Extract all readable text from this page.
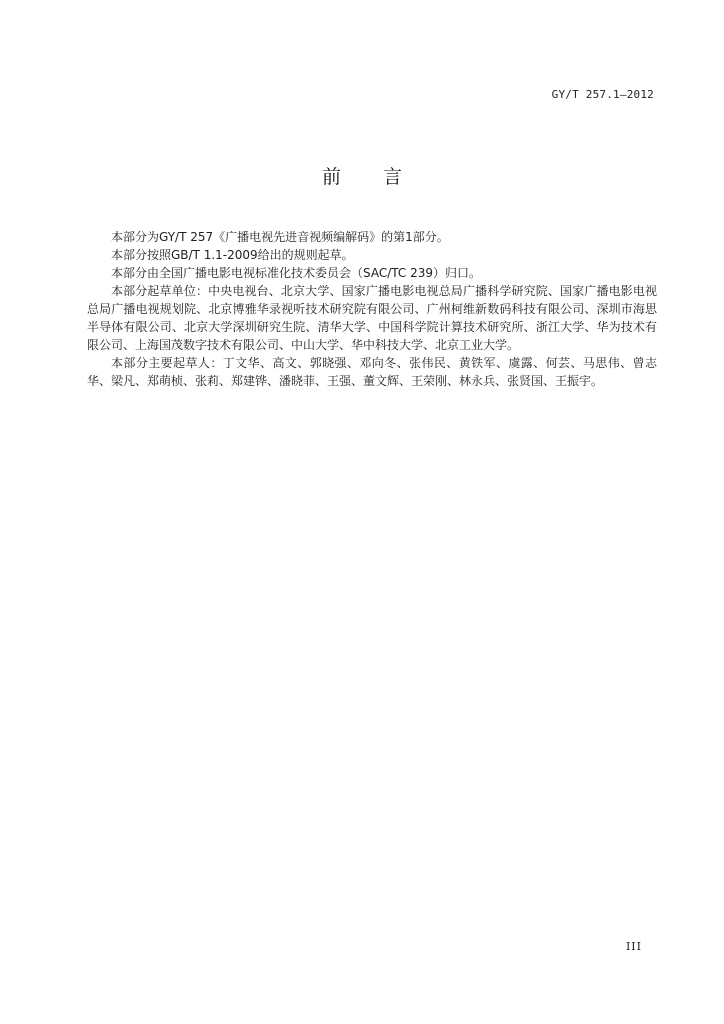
GY/T 257.1—2012
前 言

本部分为GY/T 257《广播电视先进音视频编解码》的第1部分。

本部分按照GB/T 1.1-2009给出的规则起草。

本部分由全国广播电影电视标准化技术委员会（SAC/TC 239）归口。

本部分起草单位：中央电视台、北京大学、国家广播电影电视总局广播科学研究院、国家广播电影电视总局广播电视规划院、北京博雅华录视听技术研究院有限公司、广州柯维新数码科技有限公司、深圳市海思半导体有限公司、北京大学深圳研究生院、清华大学、中国科学院计算技术研究所、浙江大学、华为技术有限公司、上海国茂数字技术有限公司、中山大学、华中科技大学、北京工业大学。

本部分主要起草人：丁文华、高文、郭晓强、邓向冬、张伟民、黄铁军、虞露、何芸、马思伟、曾志华、梁凡、郑萌桢、张莉、郑建铧、潘晓菲、王强、董文辉、王荣刚、林永兵、张贤国、王振宇。

III
